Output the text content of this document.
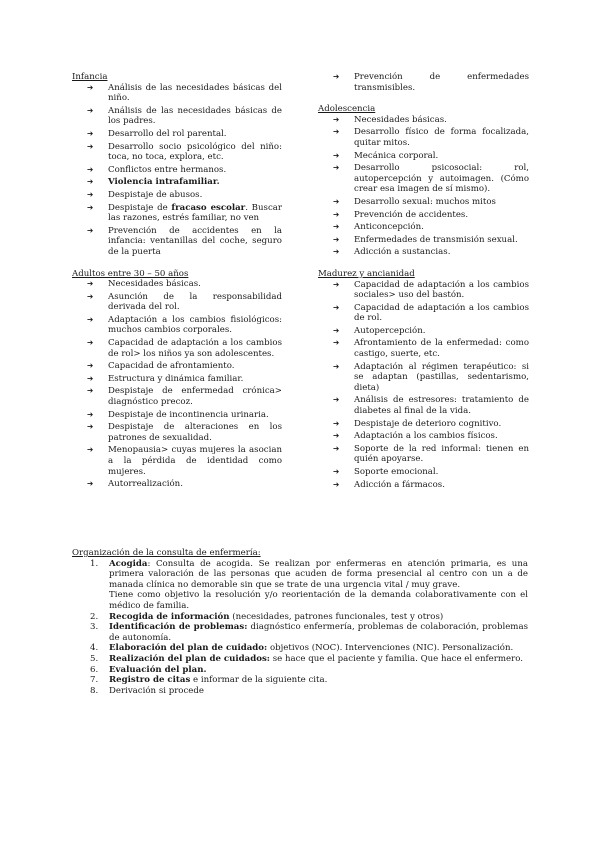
Infancia

➔ Análisis de las necesidades básicas del niño.
➔ Análisis de las necesidades básicas de los padres.
➔ Desarrollo del rol parental.
➔ Desarrollo socio psicológico del niño: toca, no toca, explora, etc.
➔ Conflictos entre hermanos.
➔ Violencia intrafamiliar.
➔ Despistaje de abusos.
➔ Despistaje de fracaso escolar. Buscar las razones, estrés familiar, no ven
➔ Prevención de accidentes en la infancia: ventanillas del coche, seguro de la puerta

Adultos entre 30 – 50 años

➔ Necesidades básicas.
➔ Asunción de la responsabilidad derivada del rol.
➔ Adaptación a los cambios fisiológicos: muchos cambios corporales.
➔ Capacidad de adaptación a los cambios de rol> los niños ya son adolescentes.
➔ Capacidad de afrontamiento.
➔ Estructura y dinámica familiar.
➔ Despistaje de enfermedad crónica> diagnóstico precoz.
➔ Despistaje de incontinencia urinaria.
➔ Despistaje de alteraciones en los patrones de sexualidad.
➔ Menopausia> cuyas mujeres la asocian a la pérdida de identidad como mujeres.
➔ Autorrealización.
➔ Prevención de enfermedades transmisibles.

Adolescencia

➔ Necesidades básicas.
➔ Desarrollo físico de forma focalizada, quitar mitos.
➔ Mecánica corporal.
➔ Desarrollo psicosocial: rol, autopercepción y autoimagen. (Cómo crear esa imagen de sí mismo).
➔ Desarrollo sexual: muchos mitos
➔ Prevención de accidentes.
➔ Anticoncepción.
➔ Enfermedades de transmisión sexual.
➔ Adicción a sustancias.

Madurez y ancianidad

➔ Capacidad de adaptación a los cambios sociales> uso del bastón.
➔ Capacidad de adaptación a los cambios de rol.
➔ Autopercepción.
➔ Afrontamiento de la enfermedad: como castigo, suerte, etc.
➔ Adaptación al régimen terapéutico: si se adaptan (pastillas, sedentarismo, dieta)
➔ Análisis de estresores: tratamiento de diabetes al final de la vida.
➔ Despistaje de deterioro cognitivo.
➔ Adaptación a los cambios físicos.
➔ Soporte de la red informal: tienen en quién apoyarse.
➔ Soporte emocional.
➔ Adicción a fármacos.

Organización de la consulta de enfermería:

1. Acogida: Consulta de acogida. Se realizan por enfermeras en atención primaria, es una primera valoración de las personas que acuden de forma presencial al centro con un a de manada clínica no demorable sin que se trate de una urgencia vital / muy grave.
Tiene como objetivo la resolución y/o reorientación de la demanda colaborativamente con el médico de familia.
2. Recogida de información (necesidades, patrones funcionales, test y otros)
3. Identificación de problemas: diagnóstico enfermería, problemas de colaboración, problemas de autonomía.
4. Elaboración del plan de cuidado: objetivos (NOC). Intervenciones (NIC). Personalización.
5. Realización del plan de cuidados: se hace que el paciente y familia. Que hace el enfermero.
6. Evaluación del plan.
7. Registro de citas e informar de la siguiente cita.
8. Derivación si procede
